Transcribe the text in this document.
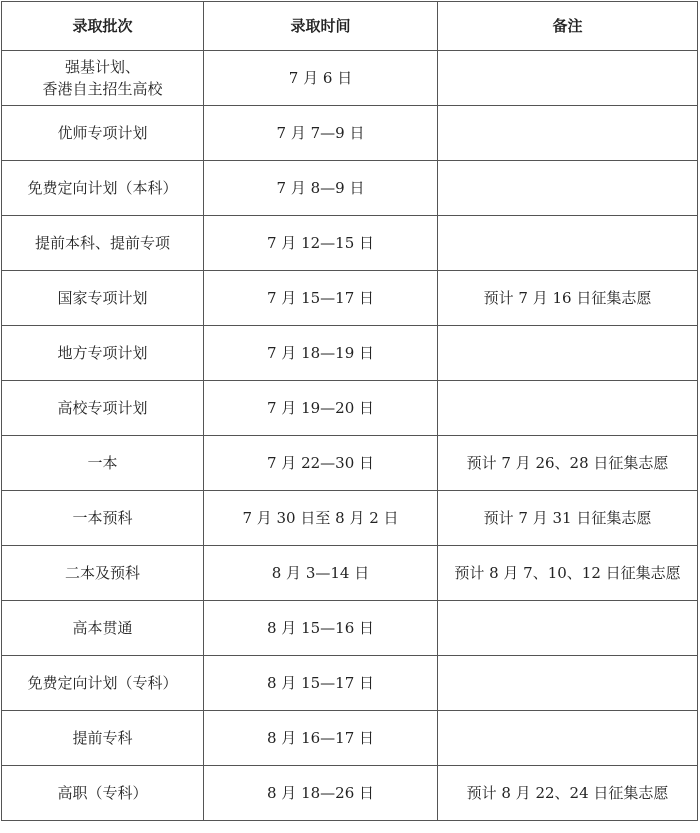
录取批次	录取时间	备注

强基计划、
香港自主招生高校	7 月 6 日	
优师专项计划	7 月 7—9 日	
免费定向计划（本科）	7 月 8—9 日	
提前本科、提前专项	7 月 12—15 日	
国家专项计划	7 月 15—17 日	预计 7 月 16 日征集志愿
地方专项计划	7 月 18—19 日	
高校专项计划	7 月 19—20 日	
一本	7 月 22—30 日	预计 7 月 26、28 日征集志愿
一本预科	7 月 30 日至 8 月 2 日	预计 7 月 31 日征集志愿
二本及预科	8 月 3—14 日	预计 8 月 7、10、12 日征集志愿
高本贯通	8 月 15—16 日	
免费定向计划（专科）	8 月 15—17 日	
提前专科	8 月 16—17 日	
高职（专科）	8 月 18—26 日	预计 8 月 22、24 日征集志愿
